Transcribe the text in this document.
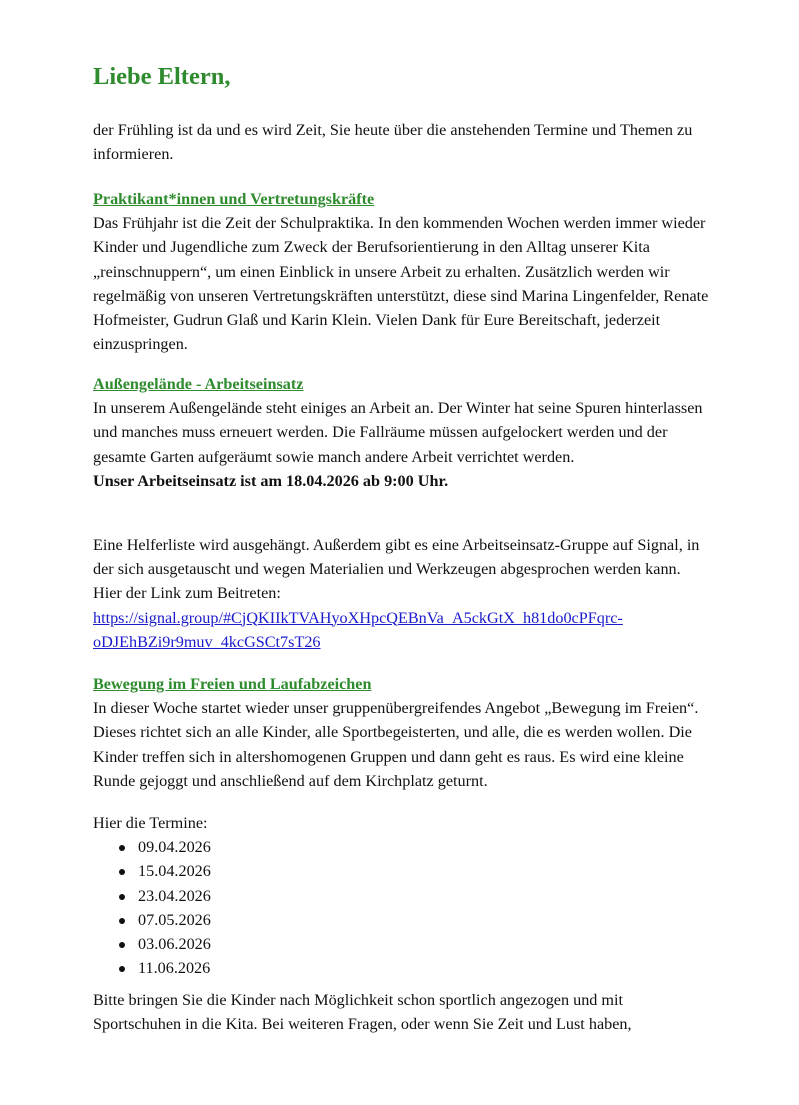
Liebe Eltern,

der Frühling ist da und es wird Zeit, Sie heute über die anstehenden Termine und Themen zu informieren.

Praktikant*innen und Vertretungskräfte

Das Frühjahr ist die Zeit der Schulpraktika. In den kommenden Wochen werden immer wieder Kinder und Jugendliche zum Zweck der Berufsorientierung in den Alltag unserer Kita „reinschnuppern“, um einen Einblick in unsere Arbeit zu erhalten. Zusätzlich werden wir regelmäßig von unseren Vertretungskräften unterstützt, diese sind Marina Lingenfelder, Renate Hofmeister, Gudrun Glaß und Karin Klein. Vielen Dank für Eure Bereitschaft, jederzeit einzuspringen.

Außengelände - Arbeitseinsatz

In unserem Außengelände steht einiges an Arbeit an. Der Winter hat seine Spuren hinterlassen und manches muss erneuert werden. Die Fallräume müssen aufgelockert werden und der gesamte Garten aufgeräumt sowie manch andere Arbeit verrichtet werden.

Unser Arbeitseinsatz ist am 18.04.2026 ab 9:00 Uhr.

Eine Helferliste wird ausgehängt. Außerdem gibt es eine Arbeitseinsatz-Gruppe auf Signal, in der sich ausgetauscht und wegen Materialien und Werkzeugen abgesprochen werden kann. Hier der Link zum Beitreten:

https://signal.group/#CjQKIIkTVAHyoXHpcQEBnVa_A5ckGtX_h81do0cPFqrc-
oDJEhBZi9r9muv_4kcGSCt7sT26

Bewegung im Freien und Laufabzeichen

In dieser Woche startet wieder unser gruppenübergreifendes Angebot „Bewegung im Freien“. Dieses richtet sich an alle Kinder, alle Sportbegeisterten, und alle, die es werden wollen. Die Kinder treffen sich in altershomogenen Gruppen und dann geht es raus. Es wird eine kleine Runde gejoggt und anschließend auf dem Kirchplatz geturnt.

Hier die Termine:

09.04.2026
15.04.2026
23.04.2026
07.05.2026
03.06.2026
11.06.2026

Bitte bringen Sie die Kinder nach Möglichkeit schon sportlich angezogen und mit Sportschuhen in die Kita. Bei weiteren Fragen, oder wenn Sie Zeit und Lust haben,
